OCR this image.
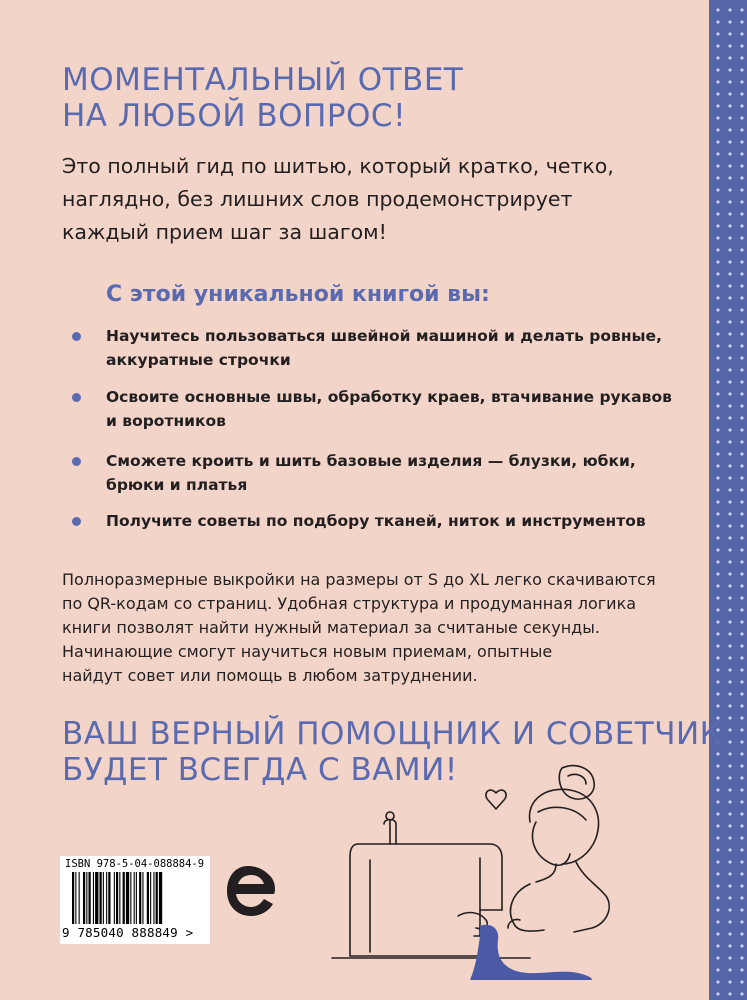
МОМЕНТАЛЬНЫЙ ОТВЕТ
НА ЛЮБОЙ ВОПРОС!

Это полный гид по шитью, который кратко, четко,
наглядно, без лишних слов продемонстрирует
каждый прием шаг за шагом!

С этой уникальной книгой вы:
Научитесь пользоваться швейной машиной и делать ровные,
аккуратные строчки
Освоите основные швы, обработку краев, втачивание рукавов
и воротников
Сможете кроить и шить базовые изделия — блузки, юбки,
брюки и платья
Получите советы по подбору тканей, ниток и инструментов

Полноразмерные выкройки на размеры от S до XL легко скачиваются
по QR-кодам со страниц. Удобная структура и продуманная логика
книги позволят найти нужный материал за считаные секунды.
Начинающие смогут научиться новым приемам, опытные
найдут совет или помощь в любом затруднении.

ВАШ ВЕРНЫЙ ПОМОЩНИК И СОВЕТЧИК
БУДЕТ ВСЕГДА С ВАМИ!
ISBN 978-5-04-088884-9
9 785040 888849 >
